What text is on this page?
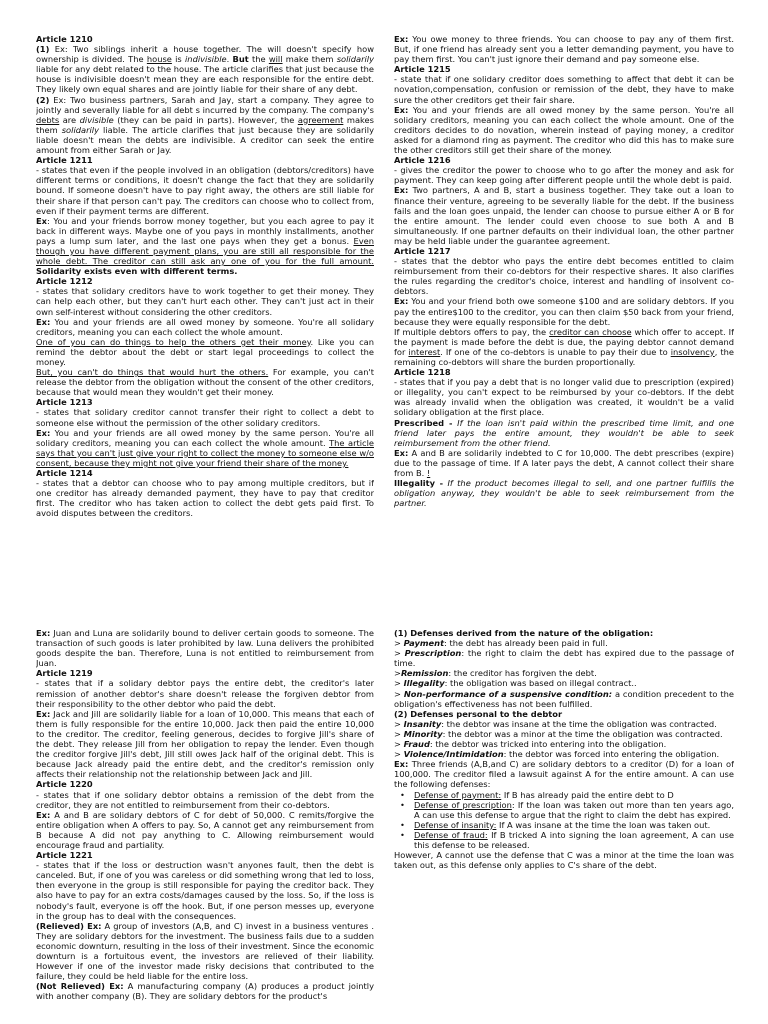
Article 1210

(1) Ex: Two siblings inherit a house together. The will doesn't specify how ownership is divided. The house is indivisible. But the will make them solidarily liable for any debt related to the house. The article clarifies that just because the house is indivisible doesn't mean they are each responsible for the entire debt. They likely own equal shares and are jointly liable for their share of any debt.

(2) Ex: Two business partners, Sarah and Jay, start a company. They agree to jointly and severally liable for all debt s incurred by the company. The company's debts are divisible (they can be paid in parts). However, the agreement makes them solidarily liable. The article clarifies that just because they are solidarily liable doesn't mean the debts are indivisible. A creditor can seek the entire amount from either Sarah or Jay.

Article 1211

- states that even if the people involved in an obligation (debtors/creditors) have different terms or conditions, it doesn't change the fact that they are solidarily bound. If someone doesn't have to pay right away, the others are still liable for their share if that person can't pay. The creditors can choose who to collect from, even if their payment terms are different.

Ex: You and your friends borrow money together, but you each agree to pay it back in different ways. Maybe one of you pays in monthly installments, another pays a lump sum later, and the last one pays when they get a bonus. Even though you have different payment plans, you are still all responsible for the whole debt. The creditor can still ask any one of you for the full amount. Solidarity exists even with different terms.

Article 1212

- states that solidary creditors have to work together to get their money. They can help each other, but they can't hurt each other. They can't just act in their own self-interest without considering the other creditors.

Ex: You and your friends are all owed money by someone. You're all solidary creditors, meaning you can each collect the whole amount.

One of you can do things to help the others get their money. Like you can remind the debtor about the debt or start legal proceedings to collect the money.

But, you can't do things that would hurt the others. For example, you can't release the debtor from the obligation without the consent of the other creditors, because that would mean they wouldn't get their money.

Article 1213

- states that solidary creditor cannot transfer their right to collect a debt to someone else without the permission of the other solidary creditors.

Ex: You and your friends are all owed money by the same person. You're all solidary creditors, meaning you can each collect the whole amount. The article says that you can't just give your right to collect the money to someone else w/o consent, because they might not give your friend their share of the money.

Article 1214

- states that a debtor can choose who to pay among multiple creditors, but if one creditor has already demanded payment, they have to pay that creditor first. The creditor who has taken action to collect the debt gets paid first. To avoid disputes between the creditors.

Ex: You owe money to three friends. You can choose to pay any of them first. But, if one friend has already sent you a letter demanding payment, you have to pay them first. You can't just ignore their demand and pay someone else.

Article 1215

- state that if one solidary creditor does something to affect that debt it can be novation,compensation, confusion or remission of the debt, they have to make sure the other creditors get their fair share.

Ex: You and your friends are all owed money by the same person. You're all solidary creditors, meaning you can each collect the whole amount. One of the creditors decides to do novation, wherein instead of paying money, a creditor asked for a diamond ring as payment. The creditor who did this has to make sure the other creditors still get their share of the money.

Article 1216

- gives the creditor the power to choose who to go after the money and ask for payment. They can keep going after different people until the whole debt is paid.

Ex: Two partners, A and B, start a business together. They take out a loan to finance their venture, agreeing to be severally liable for the debt. If the business fails and the loan goes unpaid, the lender can choose to pursue either A or B for the entire amount. The lender could even choose to sue both A and B simultaneously. If one partner defaults on their individual loan, the other partner may be held liable under the guarantee agreement.

Article 1217

- states that the debtor who pays the entire debt becomes entitled to claim reimbursement from their co-debtors for their respective shares. It also clarifies the rules regarding the creditor's choice, interest and handling of insolvent co-debtors.

Ex: You and your friend both owe someone $100 and are solidary debtors. If you pay the entire$100 to the creditor, you can then claim $50 back from your friend, because they were equally responsible for the debt.

If multiple debtors offers to pay, the creditor can choose which offer to accept. If the payment is made before the debt is due, the paying debtor cannot demand for interest. If one of the co-debtors is unable to pay their due to insolvency, the remaining co-debtors will share the burden proportionally.

Article 1218

- states that if you pay a debt that is no longer valid due to prescription (expired) or illegality, you can't expect to be reimbursed by your co-debtors. If the debt was already invalid when the obligation was created, it wouldn't be a valid solidary obligation at the first place.

Prescribed - If the loan isn't paid within the prescribed time limit, and one friend later pays the entire amount, they wouldn't be able to seek reimbursement from the other friend.

Ex: A and B are solidarily indebted to C for 10,000. The debt prescribes (expire) due to the passage of time. If A later pays the debt, A cannot collect their share from B. !

Illegality - If the product becomes illegal to sell, and one partner fulfills the obligation anyway, they wouldn't be able to seek reimbursement from the partner.

Ex: Juan and Luna are solidarily bound to deliver certain goods to someone. The transaction of such goods is later prohibited by law. Luna delivers the prohibited goods despite the ban. Therefore, Luna is not entitled to reimbursement from Juan.

Article 1219

- states that if a solidary debtor pays the entire debt, the creditor's later remission of another debtor's share doesn't release the forgiven debtor from their responsibility to the other debtor who paid the debt.

Ex: Jack and Jill are solidarily liable for a loan of 10,000. This means that each of them is fully responsible for the entire 10,000. Jack then paid the entire 10,000 to the creditor. The creditor, feeling generous, decides to forgive Jill's share of the debt. They release Jill from her obligation to repay the lender. Even though the creditor forgive Jill's debt, Jill still owes Jack half of the original debt. This is because Jack already paid the entire debt, and the creditor's remission only affects their relationship not the relationship between Jack and Jill.

Article 1220

- states that if one solidary debtor obtains a remission of the debt from the creditor, they are not entitled to reimbursement from their co-debtors.

Ex: A and B are solidary debtors of C for debt of 50,000. C remits/forgive the entire obligation when A offers to pay. So, A cannot get any reimbursement from B because A did not pay anything to C. Allowing reimbursement would encourage fraud and partiality.

Article 1221

- states that if the loss or destruction wasn't anyones fault, then the debt is canceled. But, if one of you was careless or did something wrong that led to loss, then everyone in the group is still responsible for paying the creditor back. They also have to pay for an extra costs/damages caused by the loss. So, if the loss is nobody's fault, everyone is off the hook. But, if one person messes up, everyone in the group has to deal with the consequences.

(Relieved) Ex: A group of investors (A,B, and C) invest in a business ventures . They are solidary debtors for the investment. The business fails due to a sudden economic downturn, resulting in the loss of their investment. Since the economic downturn is a fortuitous event, the investors are relieved of their liability. However if one of the investor made risky decisions that contributed to the failure, they could be held liable for the entire loss.

(Not Relieved) Ex: A manufacturing company (A) produces a product jointly with another company (B). They are solidary debtors for the product's

(1) Defenses derived from the nature of the obligation:

> Payment: the debt has already been paid in full.

> Prescription: the right to claim the debt has expired due to the passage of time.

>Remission: the creditor has forgiven the debt.

> Illegality: the obligation was based on illegal contract..

> Non-performance of a suspensive condition: a condition precedent to the obligation's effectiveness has not been fulfilled.

(2) Defenses personal to the debtor

> Insanity: the debtor was insane at the time the obligation was contracted.

> Minority: the debtor was a minor at the time the obligation was contracted.

> Fraud: the debtor was tricked into entering into the obligation.

> Violence/Intimidation: the debtor was forced into entering the obligation.

Ex: Three friends (A,B,and C) are solidary debtors to a creditor (D) for a loan of 100,000. The creditor filed a lawsuit against A for the entire amount. A can use the following defenses:

• Defense of payment: If B has already paid the entire debt to D
• Defense of prescription: If the loan was taken out more than ten years ago, A can use this defense to argue that the right to claim the debt has expired.
• Defense of insanity: If A was insane at the time the loan was taken out.
• Defense of fraud: If B tricked A into signing the loan agreement, A can use this defense to be released.

However, A cannot use the defense that C was a minor at the time the loan was taken out, as this defense only applies to C's share of the debt.
